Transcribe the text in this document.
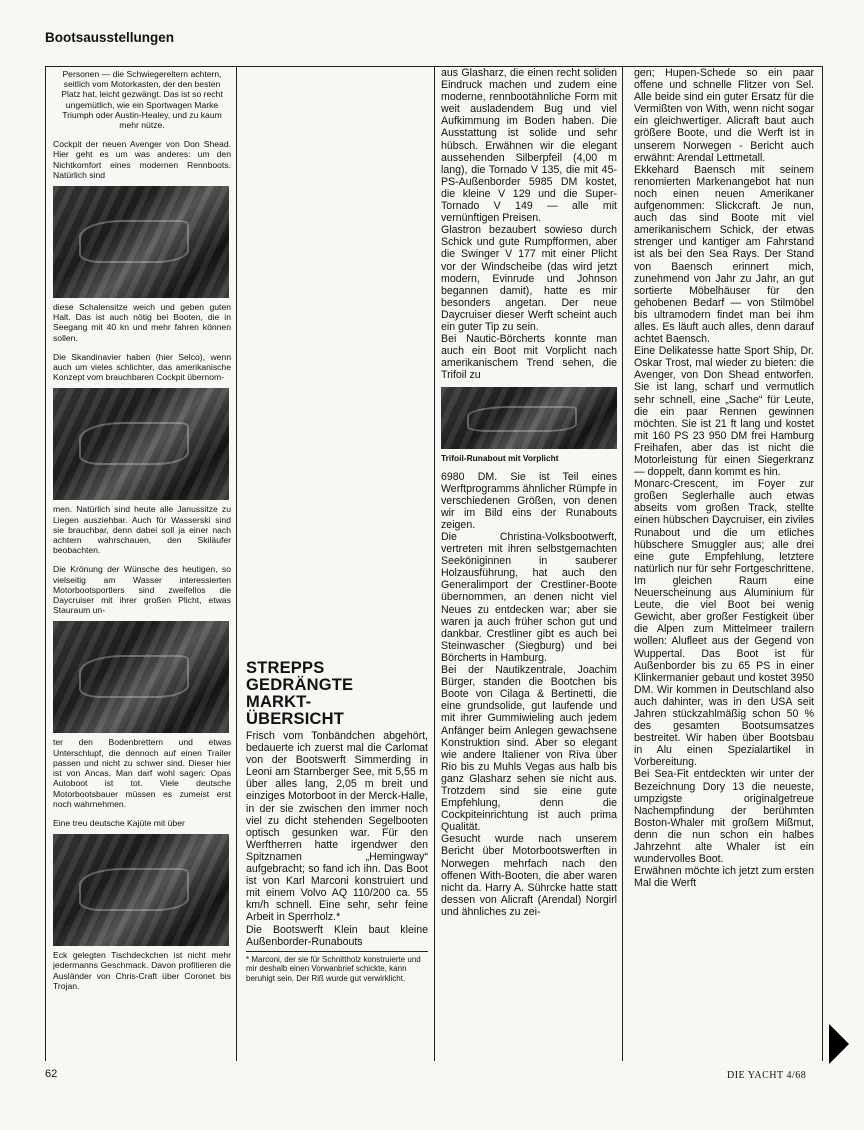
Bootsausstellungen

Personen — die Schwiegereltern achtern, seitlich vom Motorkasten, der den besten Platz hat, leicht gezwängt. Das ist so recht ungemütlich, wie ein Sportwagen Marke Triumph oder Austin-Healey, und zu kaum mehr nütze.

Cockpit der neuen Avenger von Don Shead. Hier geht es um was anderes: um den Nichtkomfort eines modernen Rennboots. Natürlich sind

diese Schalensitze weich und geben guten Halt. Das ist auch nötig bei Booten, die in Seegang mit 40 kn und mehr fahren können sollen.

Die Skandinavier haben (hier Selco), wenn auch um vieles schlichter, das amerikanische Konzept vom brauchbaren Cockpit übernom-

men. Natürlich sind heute alle Janussitze zu Liegen ausziehbar. Auch für Wasserski sind sie brauchbar, denn dabei soll ja einer nach achtern wahrschauen, den Skiläufer beobachten.

Die Krönung der Wünsche des heutigen, so vielseitig am Wasser interessierten Motorbootsportlers sind zweifellos die Daycruiser mit ihrer großen Plicht, etwas Stauraum un-

ter den Bodenbrettern und etwas Unterschlupf, die dennoch auf einen Trailer passen und nicht zu schwer sind. Dieser hier ist von Ancas. Man darf wohl sagen: Opas Autoboot ist tot. Viele deutsche Motorbootsbauer müssen es zumeist erst noch wahrnehmen.

Eine treu deutsche Kajüte mit über

Eck gelegten Tischdeckchen ist nicht mehr jedermanns Geschmack. Davon profitieren die Ausländer von Chris-Craft über Coronet bis Trojan.

STREPPS
GEDRÄNGTE
MARKT-
ÜBERSICHT

Frisch vom Tonbändchen abgehört, bedauerte ich zuerst mal die Carlomat von der Bootswerft Simmerding in Leoni am Starnberger See, mit 5,55 m über alles lang, 2,05 m breit und einziges Motorboot in der Merck-Halle, in der sie zwischen den immer noch viel zu dicht stehenden Segelbooten optisch gesunken war. Für den Werftherren hatte irgendwer den Spitznamen „Hemingway“ aufgebracht; so fand ich ihn. Das Boot ist von Karl Marconi konstruiert und mit einem Volvo AQ 110/200 ca. 55 km/h schnell. Eine sehr, sehr feine Arbeit in Sperrholz.*

Die Bootswerft Klein baut kleine Außenborder-Runabouts

* Marconi, der sie für Schnittholz konstruierte und mir deshalb einen Vorwanbrief schickte, kann beruhigt sein. Der Riß wurde gut verwirklicht.

aus Glasharz, die einen recht soliden Eindruck machen und zudem eine moderne, rennbootähnliche Form mit weit ausladendem Bug und viel Aufkimmung im Boden haben. Die Ausstattung ist solide und sehr hübsch. Erwähnen wir die elegant aussehenden Silberpfeil (4,00 m lang), die Tornado V 135, die mit 45-PS-Außenborder 5985 DM kostet, die kleine V 129 und die Super-Tornado V 149 — alle mit vernünftigen Preisen.

Glastron bezaubert sowieso durch Schick und gute Rumpfformen, aber die Swinger V 177 mit einer Plicht vor der Windscheibe (das wird jetzt modern, Evinrude und Johnson begannen damit), hatte es mir besonders angetan. Der neue Daycruiser dieser Werft scheint auch ein guter Tip zu sein.

Bei Nautic-Börcherts konnte man auch ein Boot mit Vorplicht nach amerikanischem Trend sehen, die Trifoil zu

Trifoil-Runabout mit Vorplicht

6980 DM. Sie ist Teil eines Werftprogramms ähnlicher Rümpfe in verschiedenen Größen, von denen wir im Bild eins der Runabouts zeigen.

Die Christina-Volksbootwerft, vertreten mit ihren selbstgemachten Seeköniginnen in sauberer Holzausführung, hat auch den Generalimport der Crestliner-Boote übernommen, an denen nicht viel Neues zu entdecken war; aber sie waren ja auch früher schon gut und dankbar. Crestliner gibt es auch bei Steinwascher (Siegburg) und bei Börcherts in Hamburg.

Bei der Nautikzentrale, Joachim Bürger, standen die Bootchen bis Boote von Cilaga & Bertinetti, die eine grundsolide, gut laufende und mit ihrer Gummiwieling auch jedem Anfänger beim Anlegen gewachsene Konstruktion sind. Aber so elegant wie andere Italiener von Riva über Rio bis zu Muhls Vegas aus halb bis ganz Glasharz sehen sie nicht aus. Trotzdem sind sie eine gute Empfehlung, denn die Cockpiteinrichtung ist auch prima Qualität.

Gesucht wurde nach unserem Bericht über Motorbootswerften in Norwegen mehrfach nach den offenen With-Booten, die aber waren nicht da. Harry A. Sührcke hatte statt dessen von Alicraft (Arendal) Norgirl und ähnliches zu zei-

gen; Hupen-Schede so ein paar offene und schnelle Flitzer von Sel. Alle beide sind ein guter Ersatz für die Vermißten von With, wenn nicht sogar ein gleichwertiger. Alicraft baut auch größere Boote, und die Werft ist in unserem Norwegen - Bericht auch erwähnt: Arendal Lettmetall.

Ekkehard Baensch mit seinem renomierten Markenangebot hat nun noch einen neuen Amerikaner aufgenommen: Slickcraft. Je nun, auch das sind Boote mit viel amerikanischem Schick, der etwas strenger und kantiger am Fahrstand ist als bei den Sea Rays. Der Stand von Baensch erinnert mich, zunehmend von Jahr zu Jahr, an gut sortierte Möbelhäuser für den gehobenen Bedarf — von Stilmöbel bis ultramodern findet man bei ihm alles. Es läuft auch alles, denn darauf achtet Baensch.

Eine Delikatesse hatte Sport Ship, Dr. Oskar Trost, mal wieder zu bieten: die Avenger, von Don Shead entworfen. Sie ist lang, scharf und vermutlich sehr schnell, eine „Sache“ für Leute, die ein paar Rennen gewinnen möchten. Sie ist 21 ft lang und kostet mit 160 PS 23 950 DM frei Hamburg Freihafen, aber das ist nicht die Motorleistung für einen Siegerkranz — doppelt, dann kommt es hin.

Monarc-Crescent, im Foyer zur großen Seglerhalle auch etwas abseits vom großen Track, stellte einen hübschen Daycruiser, ein ziviles Runabout und die um etliches hübschere Smuggler aus; alle drei eine gute Empfehlung, letztere natürlich nur für sehr Fortgeschrittene. Im gleichen Raum eine Neuerscheinung aus Aluminium für Leute, die viel Boot bei wenig Gewicht, aber großer Festigkeit über die Alpen zum Mittelmeer trailern wollen: Alufleet aus der Gegend von Wuppertal. Das Boot ist für Außenborder bis zu 65 PS in einer Klinkermanier gebaut und kostet 3950 DM. Wir kommen in Deutschland also auch dahinter, was in den USA seit Jahren stückzahlmäßig schon 50 % des gesamten Bootsumsatzes bestreitet. Wir haben über Bootsbau in Alu einen Spezialartikel in Vorbereitung.

Bei Sea-Fit entdeckten wir unter der Bezeichnung Dory 13 die neueste, umpzigste originalgetreue Nachempfindung der berühmten Boston-Whaler mit großem Mißmut, denn die nun schon ein halbes Jahrzehnt alte Whaler ist ein wundervolles Boot.

Erwähnen möchte ich jetzt zum ersten Mal die Werft

62	DIE YACHT 4/68
